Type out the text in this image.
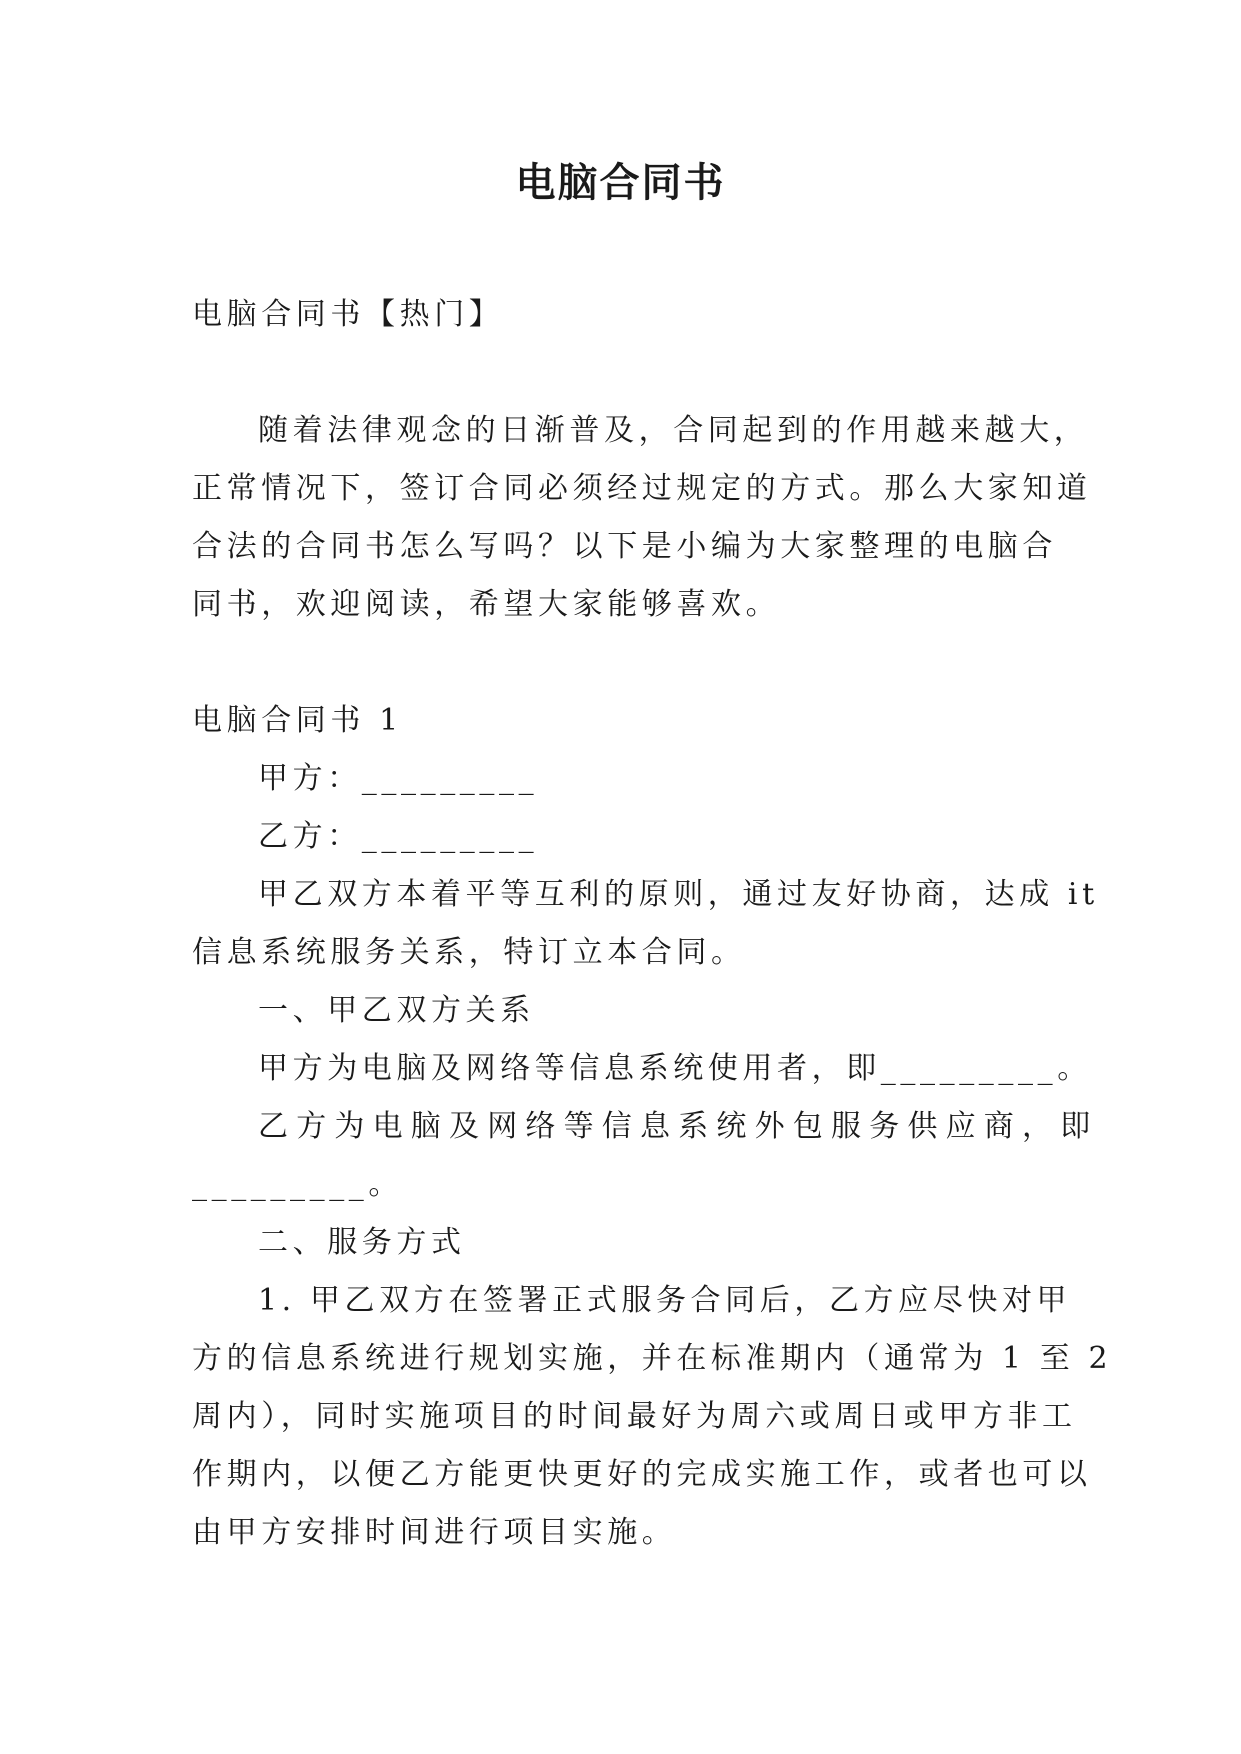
电脑合同书
电脑合同书【热门】
随着法律观念的日渐普及，合同起到的作用越来越大，
正常情况下，签订合同必须经过规定的方式。那么大家知道
合法的合同书怎么写吗？以下是小编为大家整理的电脑合
同书，欢迎阅读，希望大家能够喜欢。
电脑合同书 1
甲方：_________
乙方：_________
甲乙双方本着平等互利的原则，通过友好协商，达成 it
信息系统服务关系，特订立本合同。
一、甲乙双方关系
甲方为电脑及网络等信息系统使用者，即_________。
乙方为电脑及网络等信息系统外包服务供应商，即
_________。
二、服务方式
1. 甲乙双方在签署正式服务合同后，乙方应尽快对甲
方的信息系统进行规划实施，并在标准期内（通常为 1 至 2
周内），同时实施项目的时间最好为周六或周日或甲方非工
作期内，以便乙方能更快更好的完成实施工作，或者也可以
由甲方安排时间进行项目实施。
